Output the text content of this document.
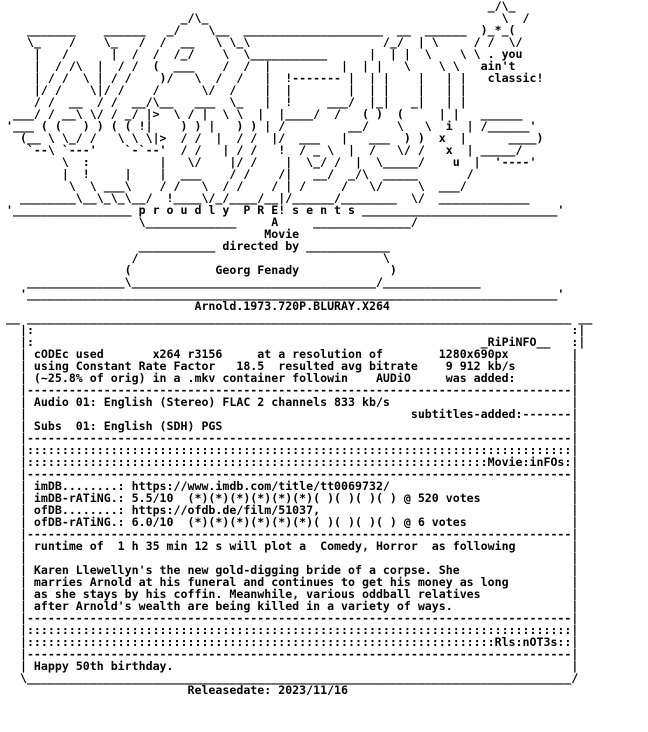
_/\_
_/\_                                          \  /
_______    ______   _/    \__  ____________________  __  ______  )_*_(
\_    /    \_   /  /  __   \ \_\                   /_/  | \     / /  \/
|   /      |  /  /  /_/    \  \___________      |  | |  \    \ \ . you
|  / /\  |  / /  (  ___    /  /  |          |  | |   \    \ \   ain't
| / /  \ | / /    )/   \  /  /   |  !------- |  | |    |   | |   classic!
|/ /    \|/ /    /      \/  /    |  |        |  | |    |   | |
/ /  __  / /  __/\__   ___  \_   |  !     ___/  |_|   _|   | |
___/ / __\ \/ / _/ |>  \ / |  \ \  |  |____/  /   ( )  (     | |   ______
'___ ( (   ) ) ( ( !|    ) ) |   ) ) | /         __/    \   \  i  | /______'
(__ \ \_/ /   \ \ \|>  / /  |  / /  |/  ___   |   ___  ) )  x  |      ____)
`--\ `---'    `-`--'  / /   | / /   !  / _ \  |  /   \/ /   x  | _____/
\  :          |   \/    |/ /    |  \_/ /  |  \_____/    u  |  '----'
|  !     |    |  ___    / /    /|   __/  _/\  _____       /
\  \ ___\    / /   \  / /    / | /     /   \/     \  ___/
________\__\_\_\__/  !____\/_/____/__|/______/________  \/  _____________
'_________________ p r o u d l y  P R E! s e n t s ____________________________'
\_____________     A     ______________/
Movie
___________ directed by ____________
/                                   \
(            Georg Fenady             )
______________\___________________________________/______________
'____________________________________________________________________________'
Arnold.1973.720P.BLURAY.X264
__ ______________________________________________________________________________ __
|:                                                                             :|
|:                                                                _RiPiNFO__   :|
| cODEc used       x264 r3156     at a resolution of        1280x690px         |
| using Constant Rate Factor   18.5  resulted avg bitrate    9 912 kb/s        |
| (~25.8% of orig) in a .mkv container followin    AUDiO     was added:        |
|------------------------------------------------------------------------------|
| Audio 01: English (Stereo) FLAC 2 channels 833 kb/s                          |
|                                                       subtitles-added:-------|
| Subs  01: English (SDH) PGS                                                  |
|------------------------------------------------------------------------------|
|::::::::::::::::::::::::::::::::::::::::::::::::::::::::::::::::::::::::::::::|
|::::::::::::::::::::::::::::::::::::::::::::::::::::::::::::::::::Movie:inFOs:|
|------------------------------------------------------------------------------|
| imDB........: https://www.imdb.com/title/tt0069732/                          |
| imDB-rATiNG.: 5.5/10  (*)(*)(*)(*)(*)(*)( )( )( )( ) @ 520 votes             |
| ofDB........: https://ofdb.de/film/51037,                                    |
| ofDB-rATiNG.: 6.0/10  (*)(*)(*)(*)(*)(*)( )( )( )( ) @ 6 votes               |
|------------------------------------------------------------------------------|
| runtime of  1 h 35 min 12 s will plot a  Comedy, Horror  as following        |
|                                                                              |
| Karen Llewellyn's the new gold-digging bride of a corpse. She                |
| marries Arnold at his funeral and continues to get his money as long         |
| as she stays by his coffin. Meanwhile, various oddball relatives             |
| after Arnold's wealth are being killed in a variety of ways.                 |
|------------------------------------------------------------------------------|
|::::::::::::::::::::::::::::::::::::::::::::::::::::::::::::::::::::::::::::::|
|:::::::::::::::::::::::::::::::::::::::::::::::::::::::::::::::::::Rls:nOT3s::|
|------------------------------------------------------------------------------|
| Happy 50th birthday.                                                         |
\______________________________________________________________________________/
Releasedate: 2023/11/16
